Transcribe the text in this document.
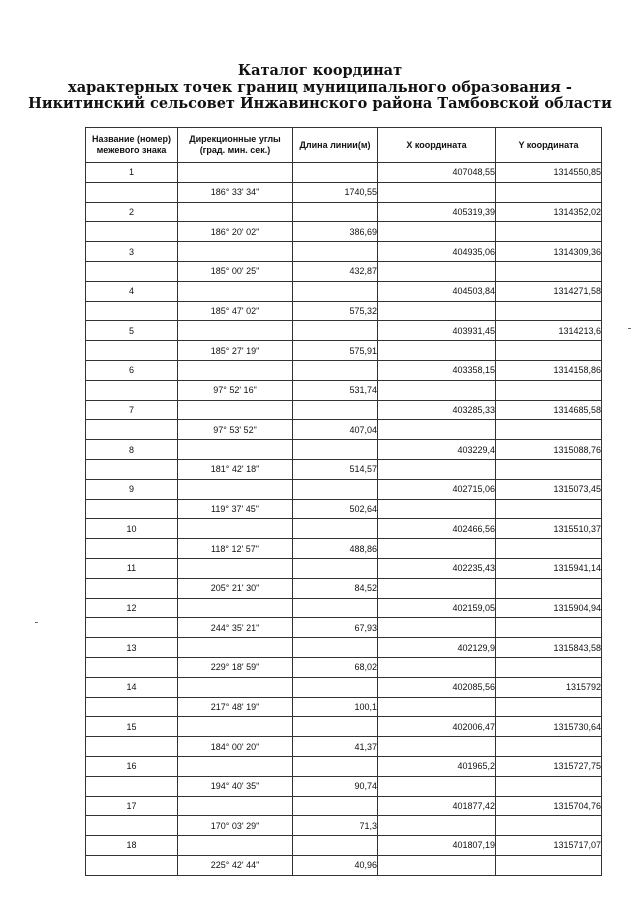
Каталог координат
характерных точек границ муниципального образования -
Никитинский сельсовет Инжавинского района Тамбовской области
Название (номер) межевого знака	Дирекционные углы (град. мин. сек.)	Длина линии(м)	X координата	Y координата
1			407048,55	1314550,85
	186° 33' 34"	1740,55		
2			405319,39	1314352,02
	186° 20' 02"	386,69		
3			404935,06	1314309,36
	185° 00' 25"	432,87		
4			404503,84	1314271,58
	185° 47' 02"	575,32		
5			403931,45	1314213,6
	185° 27' 19"	575,91		
6			403358,15	1314158,86
	97° 52' 16"	531,74		
7			403285,33	1314685,58
	97° 53' 52"	407,04		
8			403229,4	1315088,76
	181° 42' 18"	514,57		
9			402715,06	1315073,45
	119° 37' 45"	502,64		
10			402466,56	1315510,37
	118° 12' 57"	488,86		
11			402235,43	1315941,14
	205° 21' 30"	84,52		
12			402159,05	1315904,94
	244° 35' 21"	67,93		
13			402129,9	1315843,58
	229° 18' 59"	68,02		
14			402085,56	1315792
	217° 48' 19"	100,1		
15			402006,47	1315730,64
	184° 00' 20"	41,37		
16			401965,2	1315727,75
	194° 40' 35"	90,74		
17			401877,42	1315704,76
	170° 03' 29"	71,3		
18			401807,19	1315717,07
	225° 42' 44"	40,96		
